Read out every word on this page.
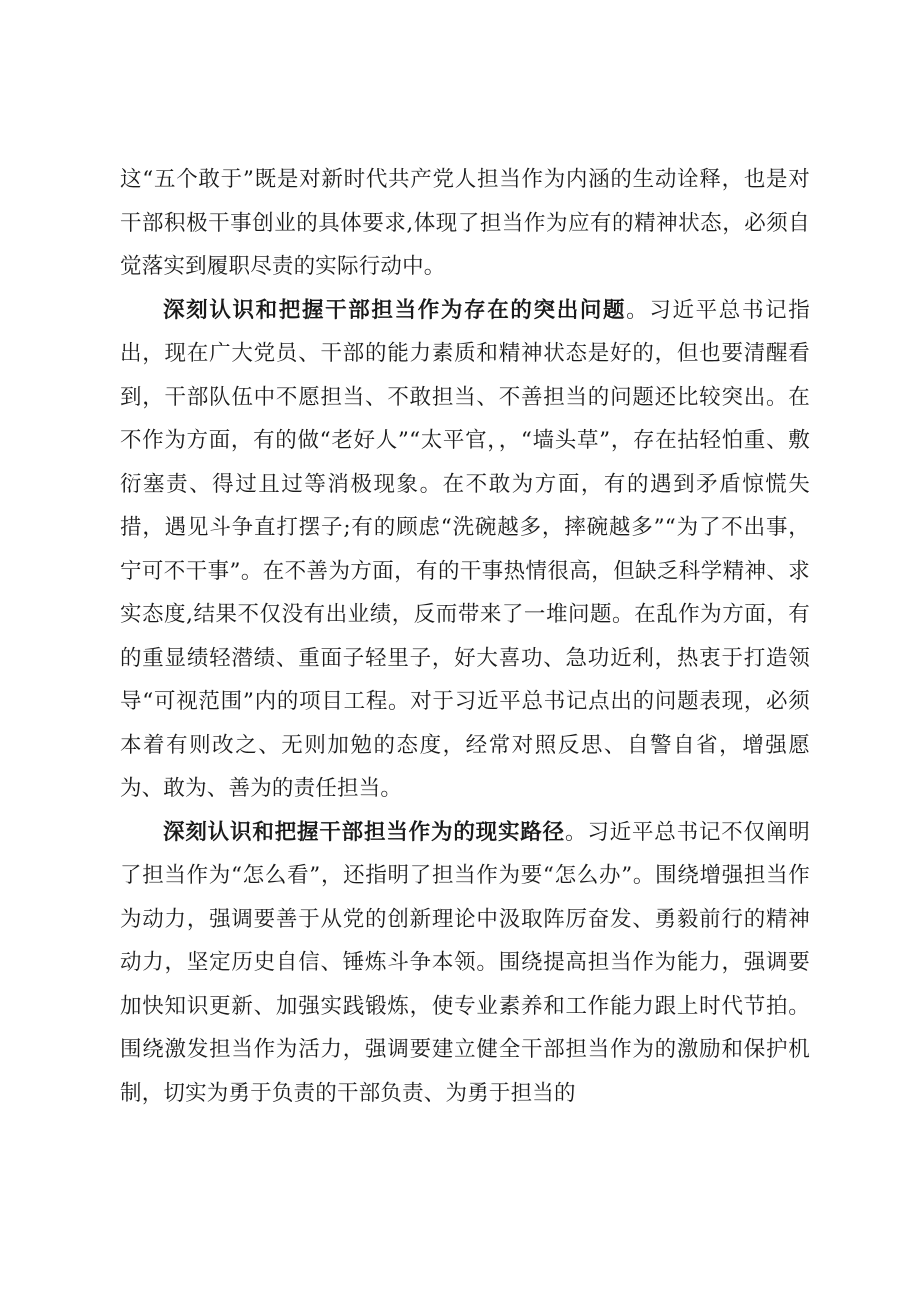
这“五个敢于”既是对新时代共产党人担当作为内涵的生动诠释，也是对干部积极干事创业的具体要求,体现了担当作为应有的精神状态，必须自觉落实到履职尽责的实际行动中。

深刻认识和把握干部担当作为存在的突出问题。习近平总书记指出，现在广大党员、干部的能力素质和精神状态是好的，但也要清醒看到，干部队伍中不愿担当、不敢担当、不善担当的问题还比较突出。在不作为方面，有的做“老好人”“太平官，，“墙头草”，存在拈轻怕重、敷衍塞责、得过且过等消极现象。在不敢为方面，有的遇到矛盾惊慌失措，遇见斗争直打摆子;有的顾虑“洗碗越多，摔碗越多”“为了不出事，宁可不干事”。在不善为方面，有的干事热情很高，但缺乏科学精神、求实态度,结果不仅没有出业绩，反而带来了一堆问题。在乱作为方面，有的重显绩轻潜绩、重面子轻里子，好大喜功、急功近利，热衷于打造领导“可视范围”内的项目工程。对于习近平总书记点出的问题表现，必须本着有则改之、无则加勉的态度，经常对照反思、自警自省，增强愿为、敢为、善为的责任担当。

深刻认识和把握干部担当作为的现实路径。习近平总书记不仅阐明了担当作为“怎么看”，还指明了担当作为要“怎么办”。围绕增强担当作为动力，强调要善于从党的创新理论中汲取阵厉奋发、勇毅前行的精神动力，坚定历史自信、锤炼斗争本领。围绕提高担当作为能力，强调要加快知识更新、加强实践锻炼，使专业素养和工作能力跟上时代节拍。围绕激发担当作为活力，强调要建立健全干部担当作为的激励和保护机制，切实为勇于负责的干部负责、为勇于担当的
